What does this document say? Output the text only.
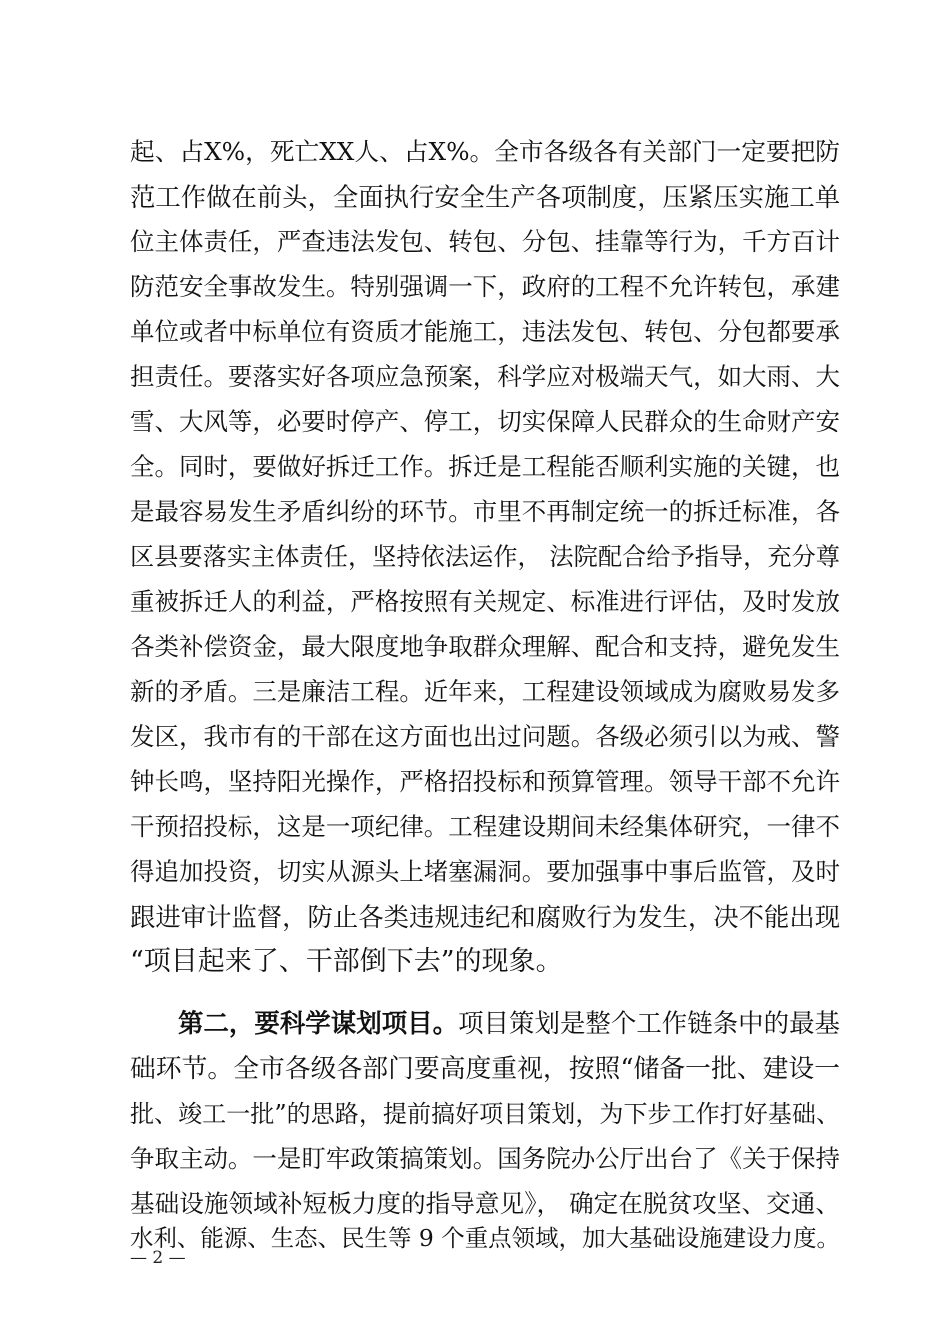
起、占X%，死亡XX人、占X%。全市各级各有关部门一定要把防
范工作做在前头，全面执行安全生产各项制度，压紧压实施工单
位主体责任，严查违法发包、转包、分包、挂靠等行为，千方百计
防范安全事故发生。特别强调一下，政府的工程不允许转包，承建
单位或者中标单位有资质才能施工，违法发包、转包、分包都要承
担责任。要落实好各项应急预案，科学应对极端天气，如大雨、大
雪、大风等，必要时停产、停工，切实保障人民群众的生命财产安
全。同时，要做好拆迁工作。拆迁是工程能否顺利实施的关键，也
是最容易发生矛盾纠纷的环节。市里不再制定统一的拆迁标准，各
区县要落实主体责任，坚持依法运作， 法院配合给予指导，充分尊
重被拆迁人的利益，严格按照有关规定、标准进行评估，及时发放
各类补偿资金，最大限度地争取群众理解、配合和支持，避免发生
新的矛盾。三是廉洁工程。近年来，工程建设领域成为腐败易发多
发区，我市有的干部在这方面也出过问题。各级必须引以为戒、警
钟长鸣，坚持阳光操作，严格招投标和预算管理。领导干部不允许
干预招投标，这是一项纪律。工程建设期间未经集体研究，一律不
得追加投资，切实从源头上堵塞漏洞。要加强事中事后监管，及时
跟进审计监督，防止各类违规违纪和腐败行为发生，决不能出现
“项目起来了、干部倒下去”的现象。
第二，要科学谋划项目。项目策划是整个工作链条中的最基
础环节。全市各级各部门要高度重视，按照“储备一批、建设一
批、竣工一批”的思路，提前搞好项目策划，为下步工作打好基础、
争取主动。一是盯牢政策搞策划。国务院办公厅出台了《关于保持
基础设施领域补短板力度的指导意见》， 确定在脱贫攻坚、交通、
水利、能源、生态、民生等 9 个重点领域，加大基础设施建设力度。
— 2 —
